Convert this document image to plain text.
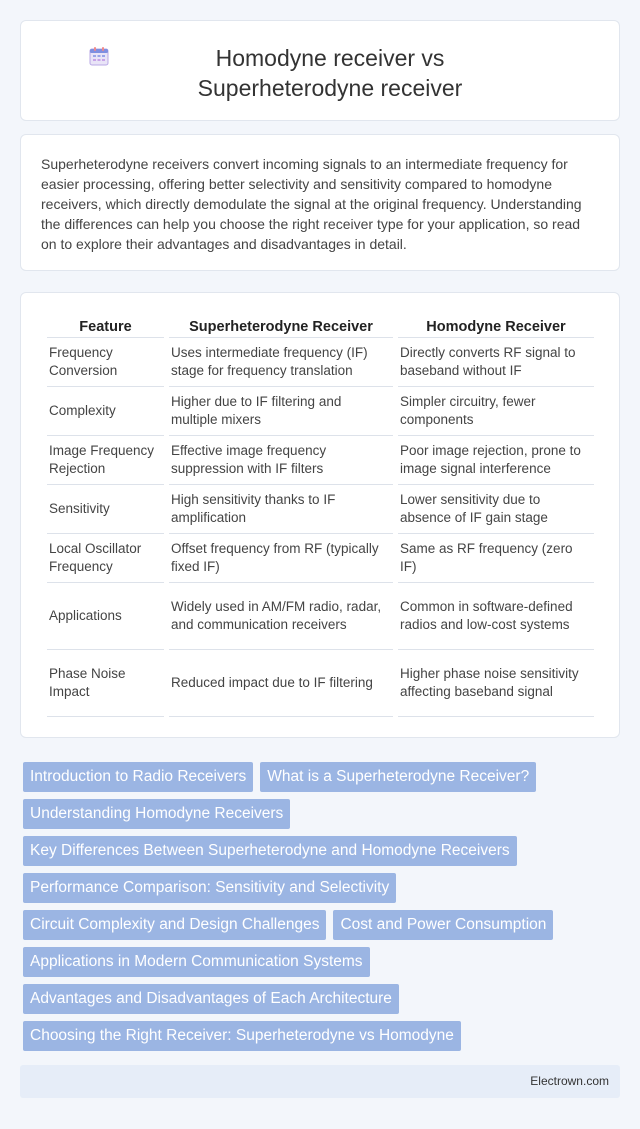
Homodyne receiver vs Superheterodyne receiver

Superheterodyne receivers convert incoming signals to an intermediate frequency for easier processing, offering better selectivity and sensitivity compared to homodyne receivers, which directly demodulate the signal at the original frequency. Understanding the differences can help you choose the right receiver type for your application, so read on to explore their advantages and disadvantages in detail.

Feature	Superheterodyne Receiver	Homodyne Receiver
Frequency Conversion	Uses intermediate frequency (IF) stage for frequency translation	Directly converts RF signal to baseband without IF
Complexity	Higher due to IF filtering and multiple mixers	Simpler circuitry, fewer components
Image Frequency Rejection	Effective image frequency suppression with IF filters	Poor image rejection, prone to image signal interference
Sensitivity	High sensitivity thanks to IF amplification	Lower sensitivity due to absence of IF gain stage
Local Oscillator Frequency	Offset frequency from RF (typically fixed IF)	Same as RF frequency (zero IF)
Applications	Widely used in AM/FM radio, radar, and communication receivers	Common in software-defined radios and low-cost systems
Phase Noise Impact	Reduced impact due to IF filtering	Higher phase noise sensitivity affecting baseband signal
Introduction to Radio Receivers	What is a Superheterodyne Receiver?
Understanding Homodyne Receivers
Key Differences Between Superheterodyne and Homodyne Receivers
Performance Comparison: Sensitivity and Selectivity
Circuit Complexity and Design Challenges	Cost and Power Consumption
Applications in Modern Communication Systems
Advantages and Disadvantages of Each Architecture
Choosing the Right Receiver: Superheterodyne vs Homodyne
Electrown.com
